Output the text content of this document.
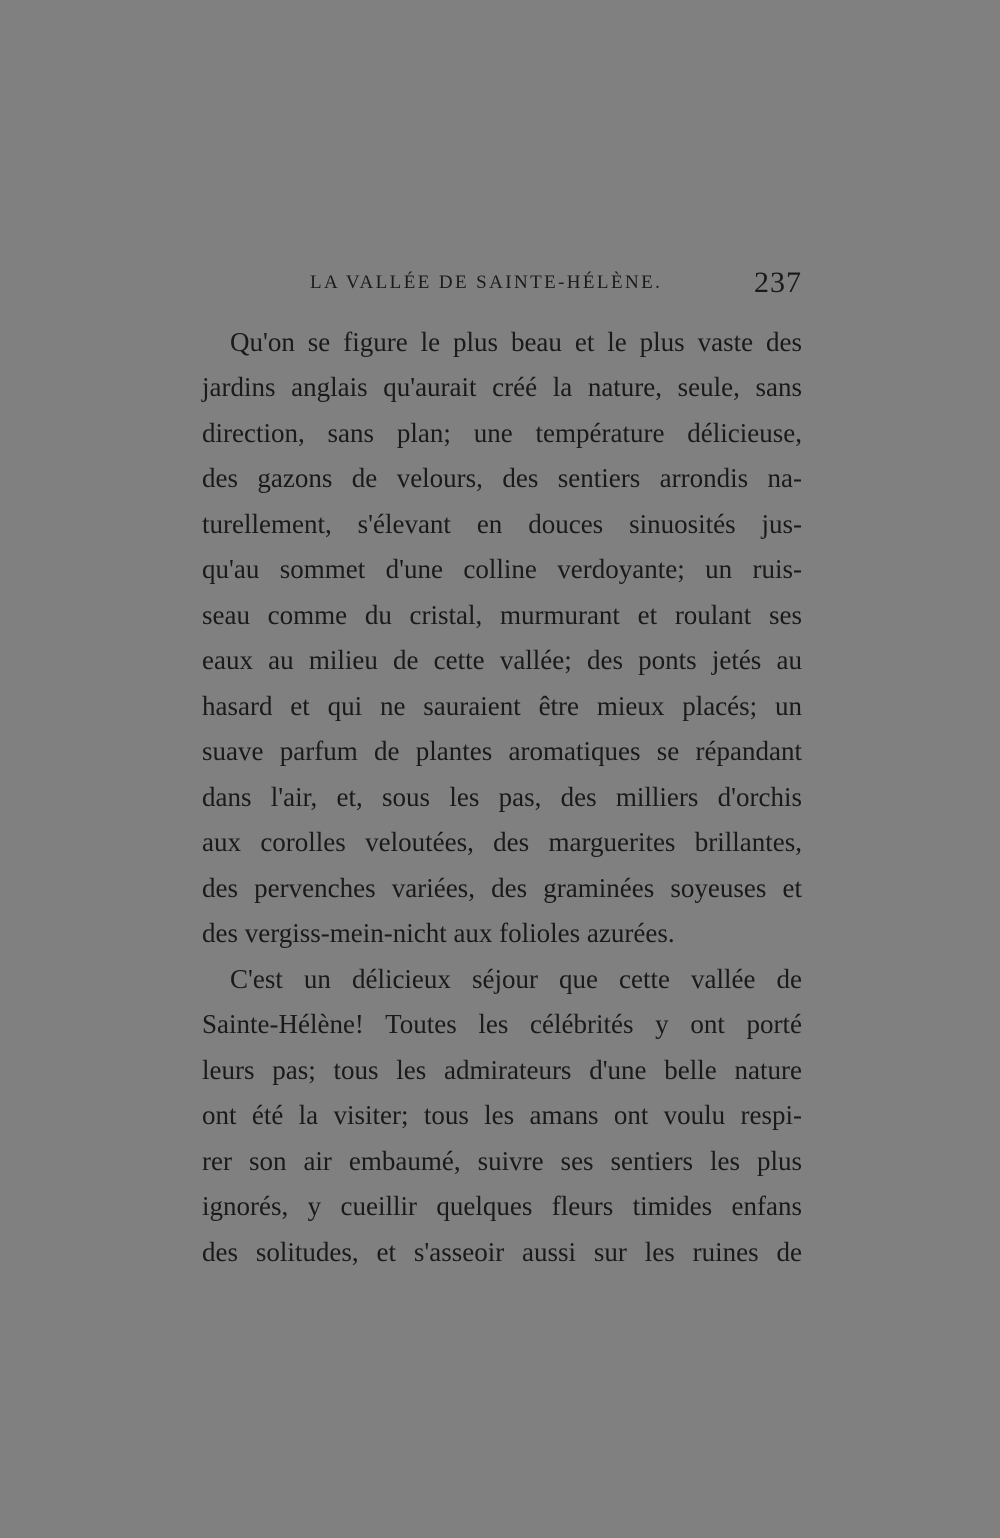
LA VALLÉE DE SAINTE-HÉLÈNE.	237
Qu'on se figure le plus beau et le plus vaste des
jardins anglais qu'aurait créé la nature, seule, sans
direction, sans plan; une température délicieuse,
des gazons de velours, des sentiers arrondis na-
turellement, s'élevant en douces sinuosités jus-
qu'au sommet d'une colline verdoyante; un ruis-
seau comme du cristal, murmurant et roulant ses
eaux au milieu de cette vallée; des ponts jetés au
hasard et qui ne sauraient être mieux placés; un
suave parfum de plantes aromatiques se répandant
dans l'air, et, sous les pas, des milliers d'orchis
aux corolles veloutées, des marguerites brillantes,
des pervenches variées, des graminées soyeuses et
des vergiss-mein-nicht aux folioles azurées.
C'est un délicieux séjour que cette vallée de
Sainte-Hélène! Toutes les célébrités y ont porté
leurs pas; tous les admirateurs d'une belle nature
ont été la visiter; tous les amans ont voulu respi-
rer son air embaumé, suivre ses sentiers les plus
ignorés, y cueillir quelques fleurs timides enfans
des solitudes, et s'asseoir aussi sur les ruines de
